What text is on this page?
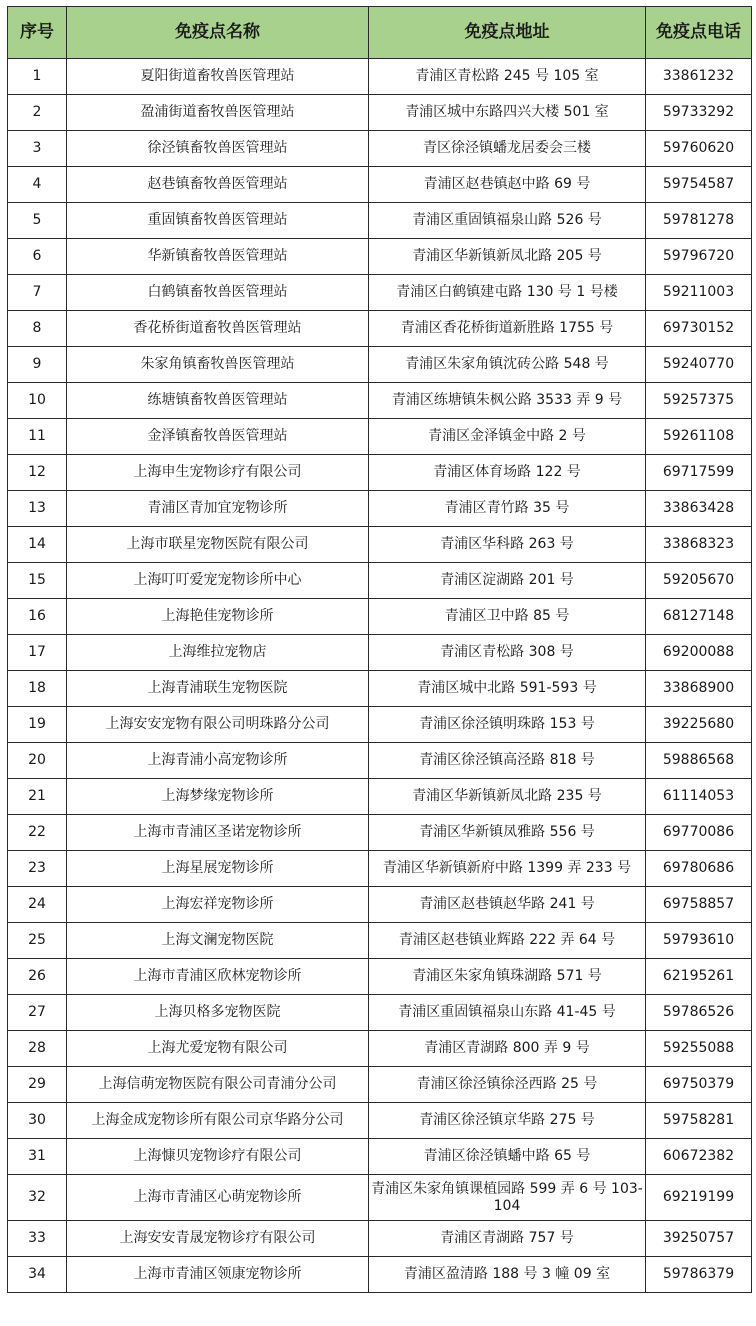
序号	免疫点名称	免疫点地址	免疫点电话
1	夏阳街道畜牧兽医管理站	青浦区青松路 245 号 105 室	33861232
2	盈浦街道畜牧兽医管理站	青浦区城中东路四兴大楼 501 室	59733292
3	徐泾镇畜牧兽医管理站	青区徐泾镇蟠龙居委会三楼	59760620
4	赵巷镇畜牧兽医管理站	青浦区赵巷镇赵中路 69 号	59754587
5	重固镇畜牧兽医管理站	青浦区重固镇福泉山路 526 号	59781278
6	华新镇畜牧兽医管理站	青浦区华新镇新凤北路 205 号	59796720
7	白鹤镇畜牧兽医管理站	青浦区白鹤镇建屯路 130 号 1 号楼	59211003
8	香花桥街道畜牧兽医管理站	青浦区香花桥街道新胜路 1755 号	69730152
9	朱家角镇畜牧兽医管理站	青浦区朱家角镇沈砖公路 548 号	59240770
10	练塘镇畜牧兽医管理站	青浦区练塘镇朱枫公路 3533 弄 9 号	59257375
11	金泽镇畜牧兽医管理站	青浦区金泽镇金中路 2 号	59261108
12	上海申生宠物诊疗有限公司	青浦区体育场路 122 号	69717599
13	青浦区青加宜宠物诊所	青浦区青竹路 35 号	33863428
14	上海市联星宠物医院有限公司	青浦区华科路 263 号	33868323
15	上海叮叮爱宠宠物诊所中心	青浦区淀湖路 201 号	59205670
16	上海艳佳宠物诊所	青浦区卫中路 85 号	68127148
17	上海维拉宠物店	青浦区青松路 308 号	69200088
18	上海青浦联生宠物医院	青浦区城中北路 591-593 号	33868900
19	上海安安宠物有限公司明珠路分公司	青浦区徐泾镇明珠路 153 号	39225680
20	上海青浦小高宠物诊所	青浦区徐泾镇高泾路 818 号	59886568
21	上海梦缘宠物诊所	青浦区华新镇新凤北路 235 号	61114053
22	上海市青浦区圣诺宠物诊所	青浦区华新镇凤雅路 556 号	69770086
23	上海星展宠物诊所	青浦区华新镇新府中路 1399 弄 233 号	69780686
24	上海宏祥宠物诊所	青浦区赵巷镇赵华路 241 号	69758857
25	上海文澜宠物医院	青浦区赵巷镇业辉路 222 弄 64 号	59793610
26	上海市青浦区欣林宠物诊所	青浦区朱家角镇珠湖路 571 号	62195261
27	上海贝格多宠物医院	青浦区重固镇福泉山东路 41-45 号	59786526
28	上海尤爱宠物有限公司	青浦区青湖路 800 弄 9 号	59255088
29	上海信萌宠物医院有限公司青浦分公司	青浦区徐泾镇徐泾西路 25 号	69750379
30	上海金成宠物诊所有限公司京华路分公司	青浦区徐泾镇京华路 275 号	59758281
31	上海慷贝宠物诊疗有限公司	青浦区徐泾镇蟠中路 65 号	60672382
32	上海市青浦区心萌宠物诊所	青浦区朱家角镇课植园路 599 弄 6 号 103-104	69219199
33	上海安安青晟宠物诊疗有限公司	青浦区青湖路 757 号	39250757
34	上海市青浦区领康宠物诊所	青浦区盈清路 188 号 3 幢 09 室	59786379
